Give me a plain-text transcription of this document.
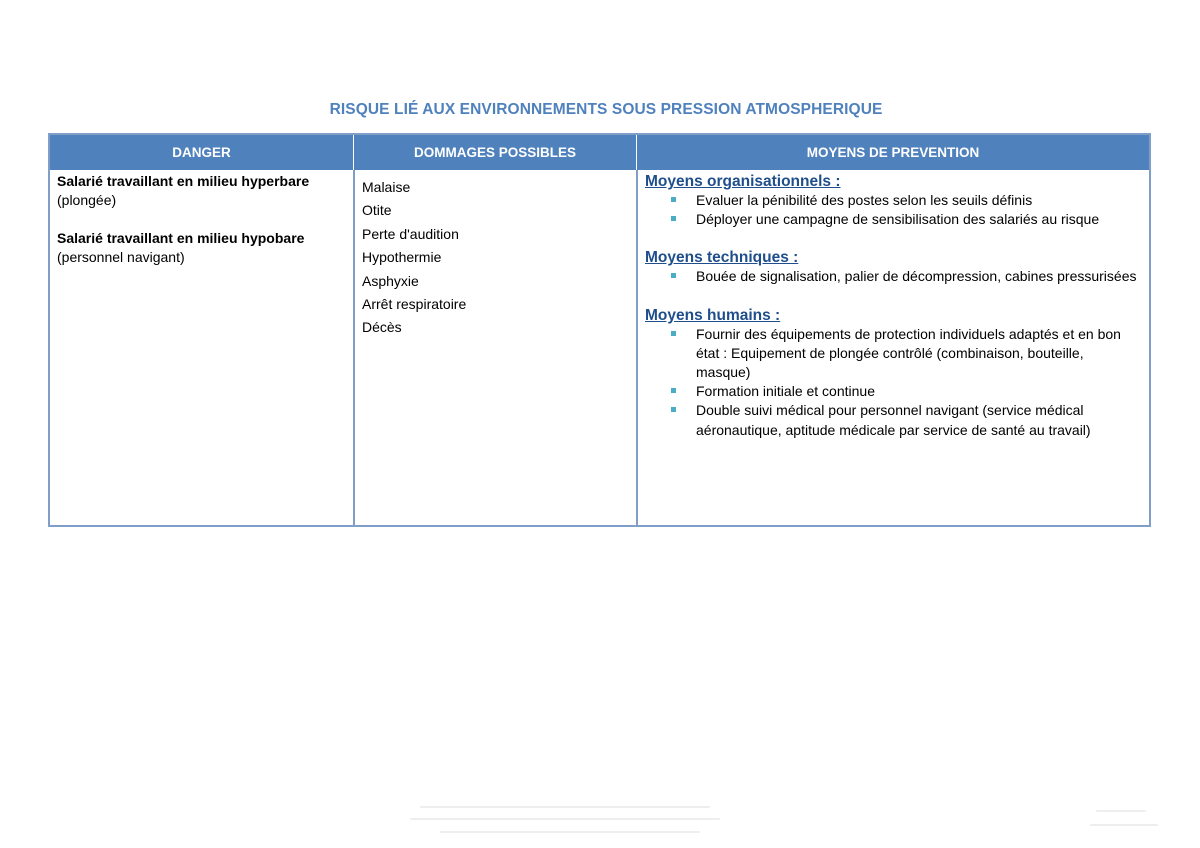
RISQUE LIÉ AUX ENVIRONNEMENTS SOUS PRESSION ATMOSPHERIQUE
DANGER	DOMMAGES POSSIBLES	MOYENS DE PREVENTION
Salarié travaillant en milieu hyperbare
(plongée)
Salarié travaillant en milieu hypobare
(personnel navigant)
Malaise
Otite
Perte d'audition
Hypothermie
Asphyxie
Arrêt respiratoire
Décès
Moyens organisationnels :
Evaluer la pénibilité des postes selon les seuils définis
Déployer une campagne de sensibilisation des salariés au risque
Moyens techniques :
Bouée de signalisation, palier de décompression, cabines pressurisées
Moyens humains :
Fournir des équipements de protection individuels adaptés et en bon état : Equipement de plongée contrôlé (combinaison, bouteille, masque)
Formation initiale et continue
Double suivi médical pour personnel navigant (service médical aéronautique, aptitude médicale par service de santé au travail)
